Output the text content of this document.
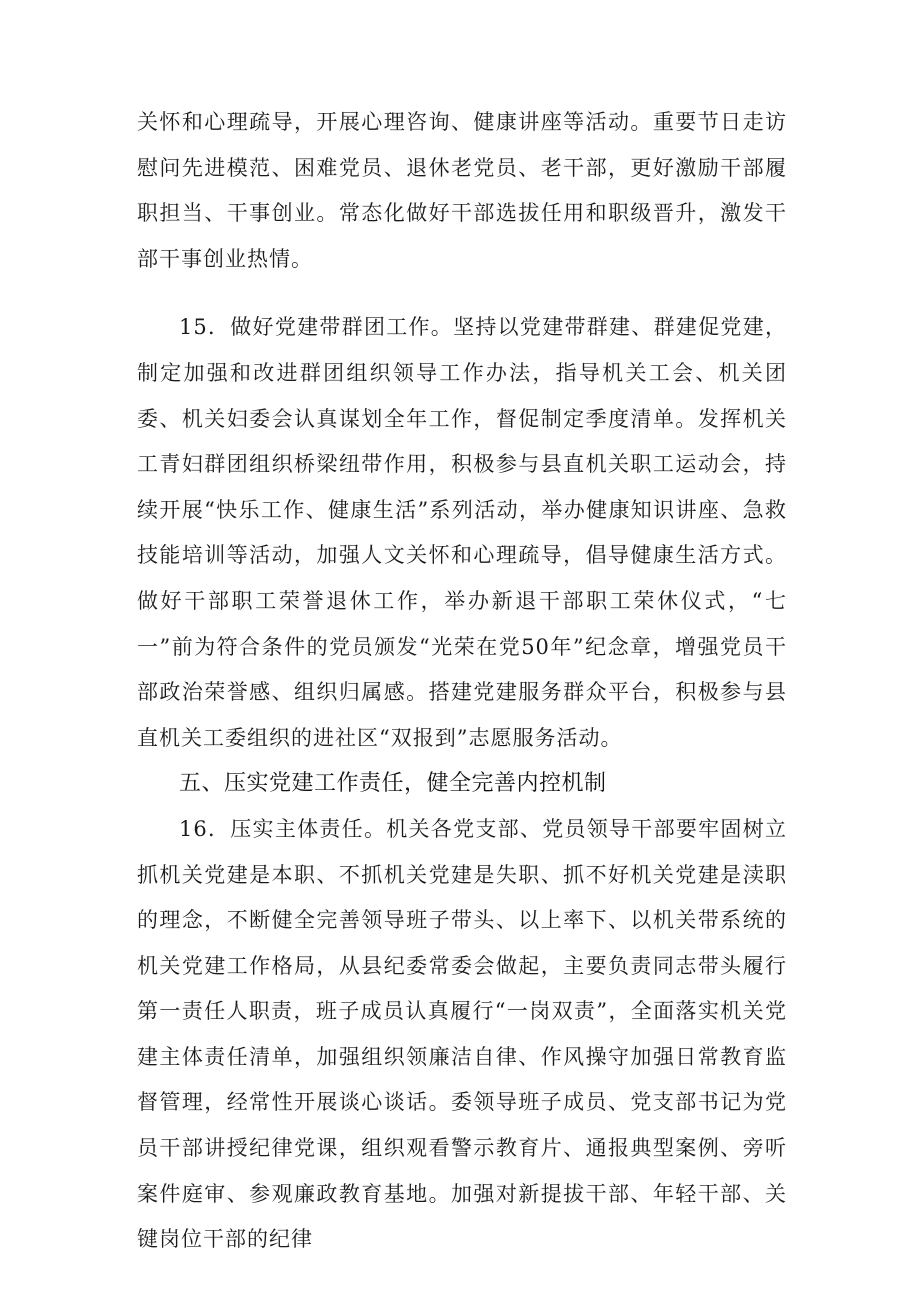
关怀和心理疏导，开展心理咨询、健康讲座等活动。重要节日走访慰问先进模范、困难党员、退休老党员、老干部，更好激励干部履职担当、干事创业。常态化做好干部选拔任用和职级晋升，激发干部干事创业热情。

15．做好党建带群团工作。坚持以党建带群建、群建促党建，制定加强和改进群团组织领导工作办法，指导机关工会、机关团委、机关妇委会认真谋划全年工作，督促制定季度清单。发挥机关工青妇群团组织桥梁纽带作用，积极参与县直机关职工运动会，持续开展“快乐工作、健康生活”系列活动，举办健康知识讲座、急救技能培训等活动，加强人文关怀和心理疏导，倡导健康生活方式。做好干部职工荣誉退休工作，举办新退干部职工荣休仪式，“七一”前为符合条件的党员颁发“光荣在党50年”纪念章，增强党员干部政治荣誉感、组织归属感。搭建党建服务群众平台，积极参与县直机关工委组织的进社区“双报到”志愿服务活动。

五、压实党建工作责任，健全完善内控机制

16．压实主体责任。机关各党支部、党员领导干部要牢固树立抓机关党建是本职、不抓机关党建是失职、抓不好机关党建是渎职的理念，不断健全完善领导班子带头、以上率下、以机关带系统的机关党建工作格局，从县纪委常委会做起，主要负责同志带头履行第一责任人职责，班子成员认真履行“一岗双责”，全面落实机关党建主体责任清单，加强组织领廉洁自律、作风操守加强日常教育监督管理，经常性开展谈心谈话。委领导班子成员、党支部书记为党员干部讲授纪律党课，组织观看警示教育片、通报典型案例、旁听案件庭审、参观廉政教育基地。加强对新提拔干部、年轻干部、关键岗位干部的纪律
